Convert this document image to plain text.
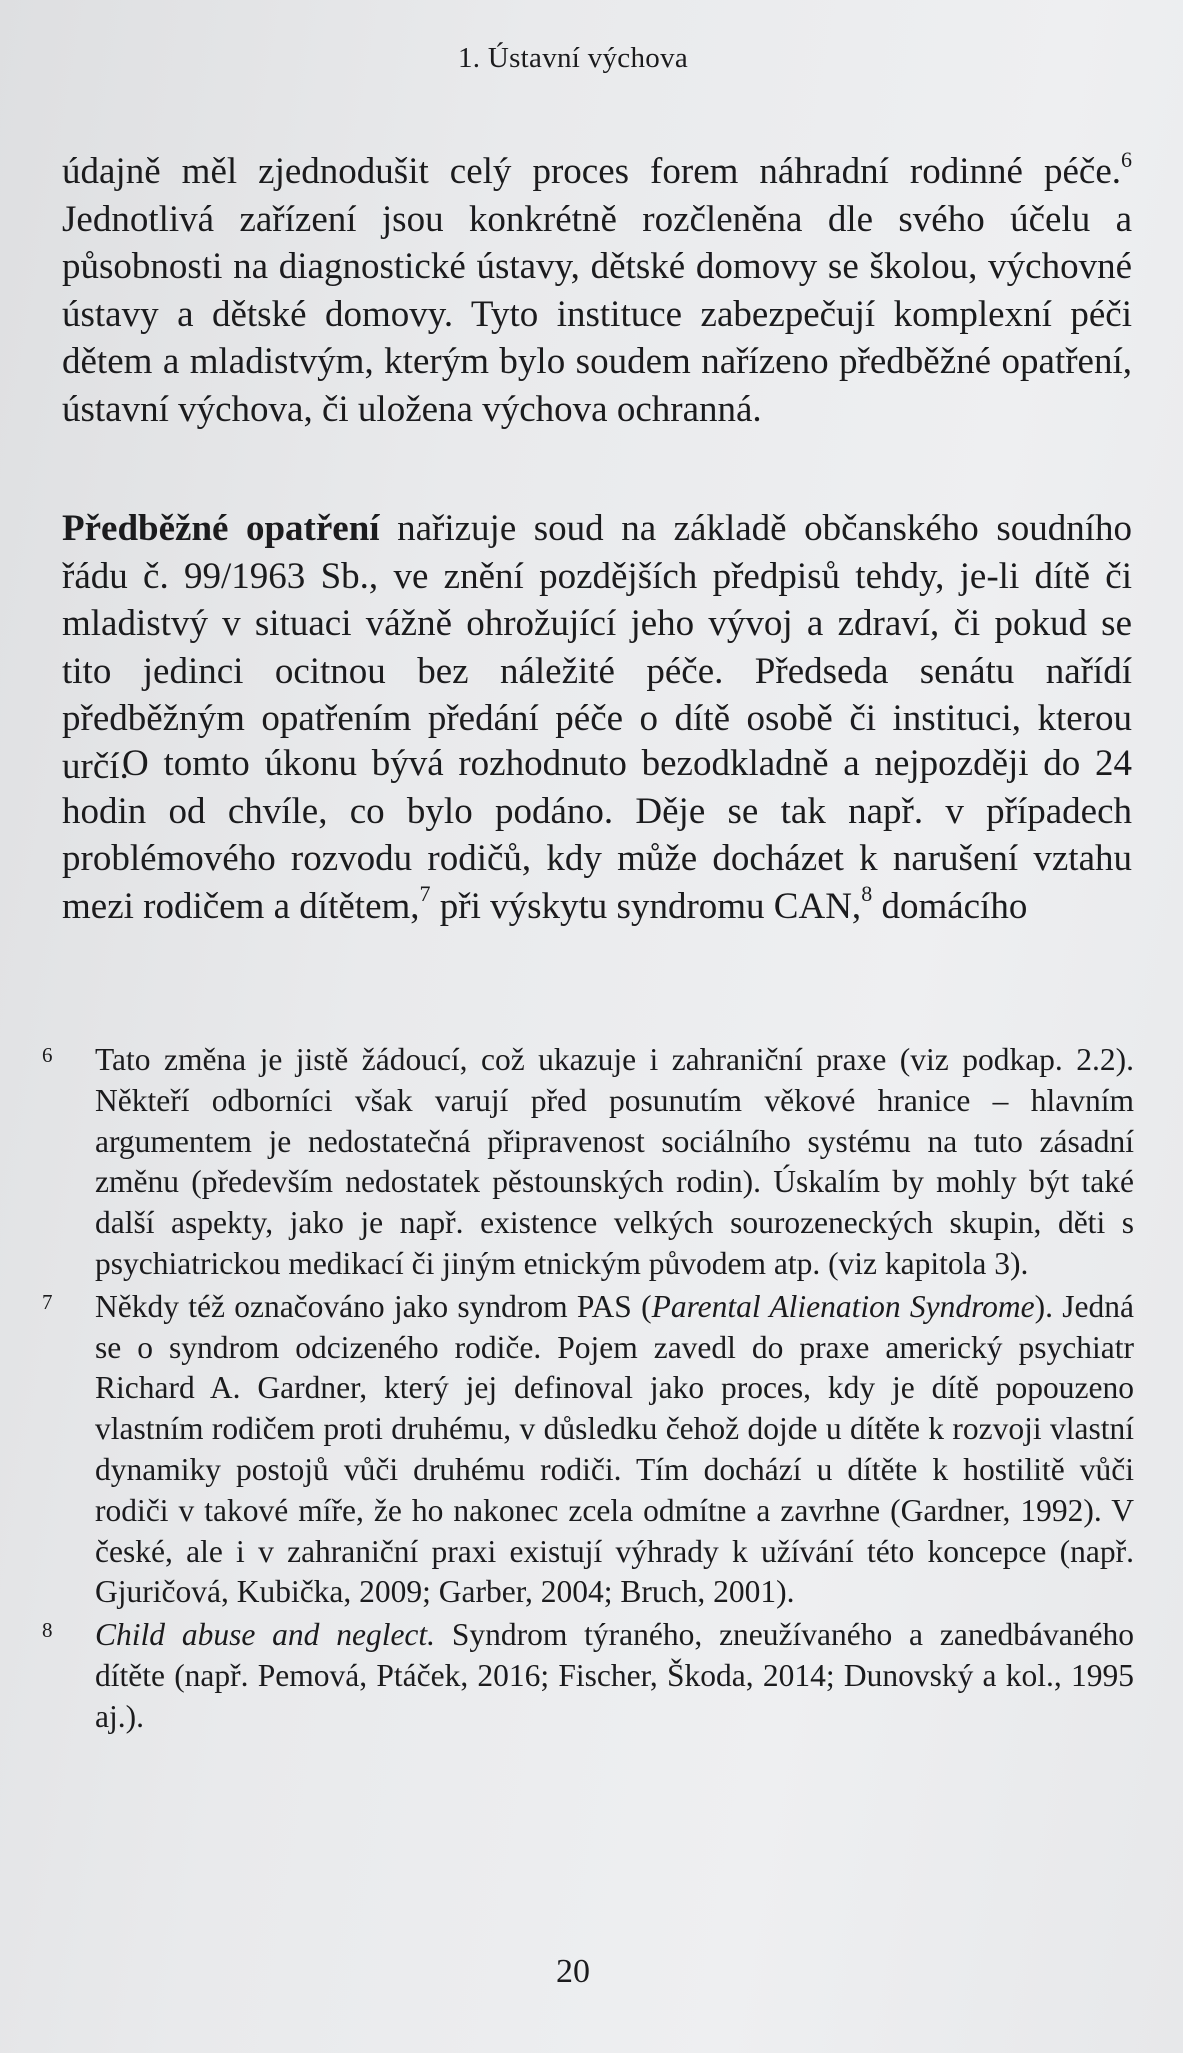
1. Ústavní výchova

údajně měl zjednodušit celý proces forem náhradní rodinné péče.$^6$ Jednotlivá zařízení jsou konkrétně rozčleněna dle svého účelu a působnosti na diagnostické ústavy, dětské domovy se školou, výchovné ústavy a dětské domovy. Tyto instituce zabezpečují komplexní péči dětem a mladistvým, kterým bylo soudem nařízeno předběžné opatření, ústavní výchova, či uložena výchova ochranná.

Předběžné opatření nařizuje soud na základě občanského soudního řádu č. 99/1963 Sb., ve znění pozdějších předpisů tehdy, je-li dítě či mladistvý v situaci vážně ohrožující jeho vývoj a zdraví, či pokud se tito jedinci ocitnou bez náležité péče. Předseda senátu nařídí předběžným opatřením předání péče o dítě osobě či instituci, kterou určí.

O tomto úkonu bývá rozhodnuto bezodkladně a nejpozději do 24 hodin od chvíle, co bylo podáno. Děje se tak např. v případech problémového rozvodu rodičů, kdy může docházet k narušení vztahu mezi rodičem a dítětem,$^7$ při výskytu syndromu CAN,$^8$ domácího

6	Tato změna je jistě žádoucí, což ukazuje i zahraniční praxe (viz podkap. 2.2). Někteří odborníci však varují před posunutím věkové hranice – hlavním argumentem je nedostatečná připravenost sociálního systému na tuto zásadní změnu (především nedostatek pěstounských rodin). Úskalím by mohly být také další aspekty, jako je např. existence velkých sourozeneckých skupin, děti s psychiatrickou medikací či jiným etnickým původem atp. (viz kapitola 3).
7	Někdy též označováno jako syndrom PAS (Parental Alienation Syndrome). Jedná se o syndrom odcizeného rodiče. Pojem zavedl do praxe americký psychiatr Richard A. Gardner, který jej definoval jako proces, kdy je dítě popouzeno vlastním rodičem proti druhému, v důsledku čehož dojde u dítěte k rozvoji vlastní dynamiky postojů vůči druhému rodiči. Tím dochází u dítěte k hostilitě vůči rodiči v takové míře, že ho nakonec zcela odmítne a zavrhne (Gardner, 1992). V české, ale i v zahraniční praxi existují výhrady k užívání této koncepce (např. Gjuričová, Kubička, 2009; Garber, 2004; Bruch, 2001).
8	Child abuse and neglect. Syndrom týraného, zneužívaného a zanedbávaného dítěte (např. Pemová, Ptáček, 2016; Fischer, Škoda, 2014; Dunovský a kol., 1995 aj.).
20
